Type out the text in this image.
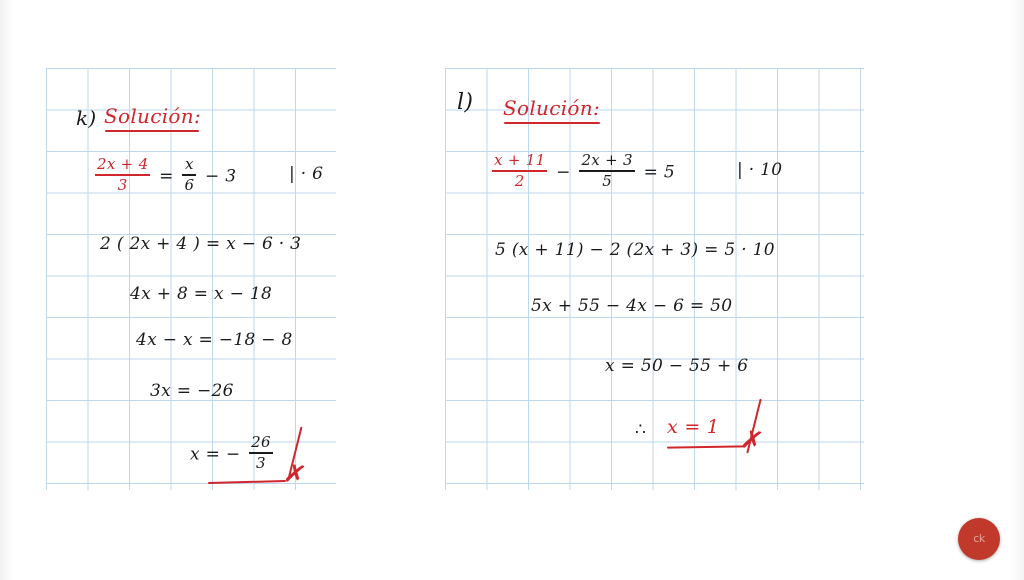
k) Solución:
$\frac{2x + 4}{3} = \frac{x}{6} - 3$	| · 6
2 ( 2x + 4 ) = x − 6 · 3
4x + 8 = x − 18
4x − x = −18 − 8
3x = −26
x = − $\frac{26}{3}$
✗
l) Solución:
$\frac{x + 11}{2} - \frac{2x + 3}{5} = 5$	| · 10
5 (x + 11) − 2 (2x + 3) = 5 · 10
5x + 55 − 4x − 6 = 50
x = 50 − 55 + 6
∴ x = 1 ✗
ck
